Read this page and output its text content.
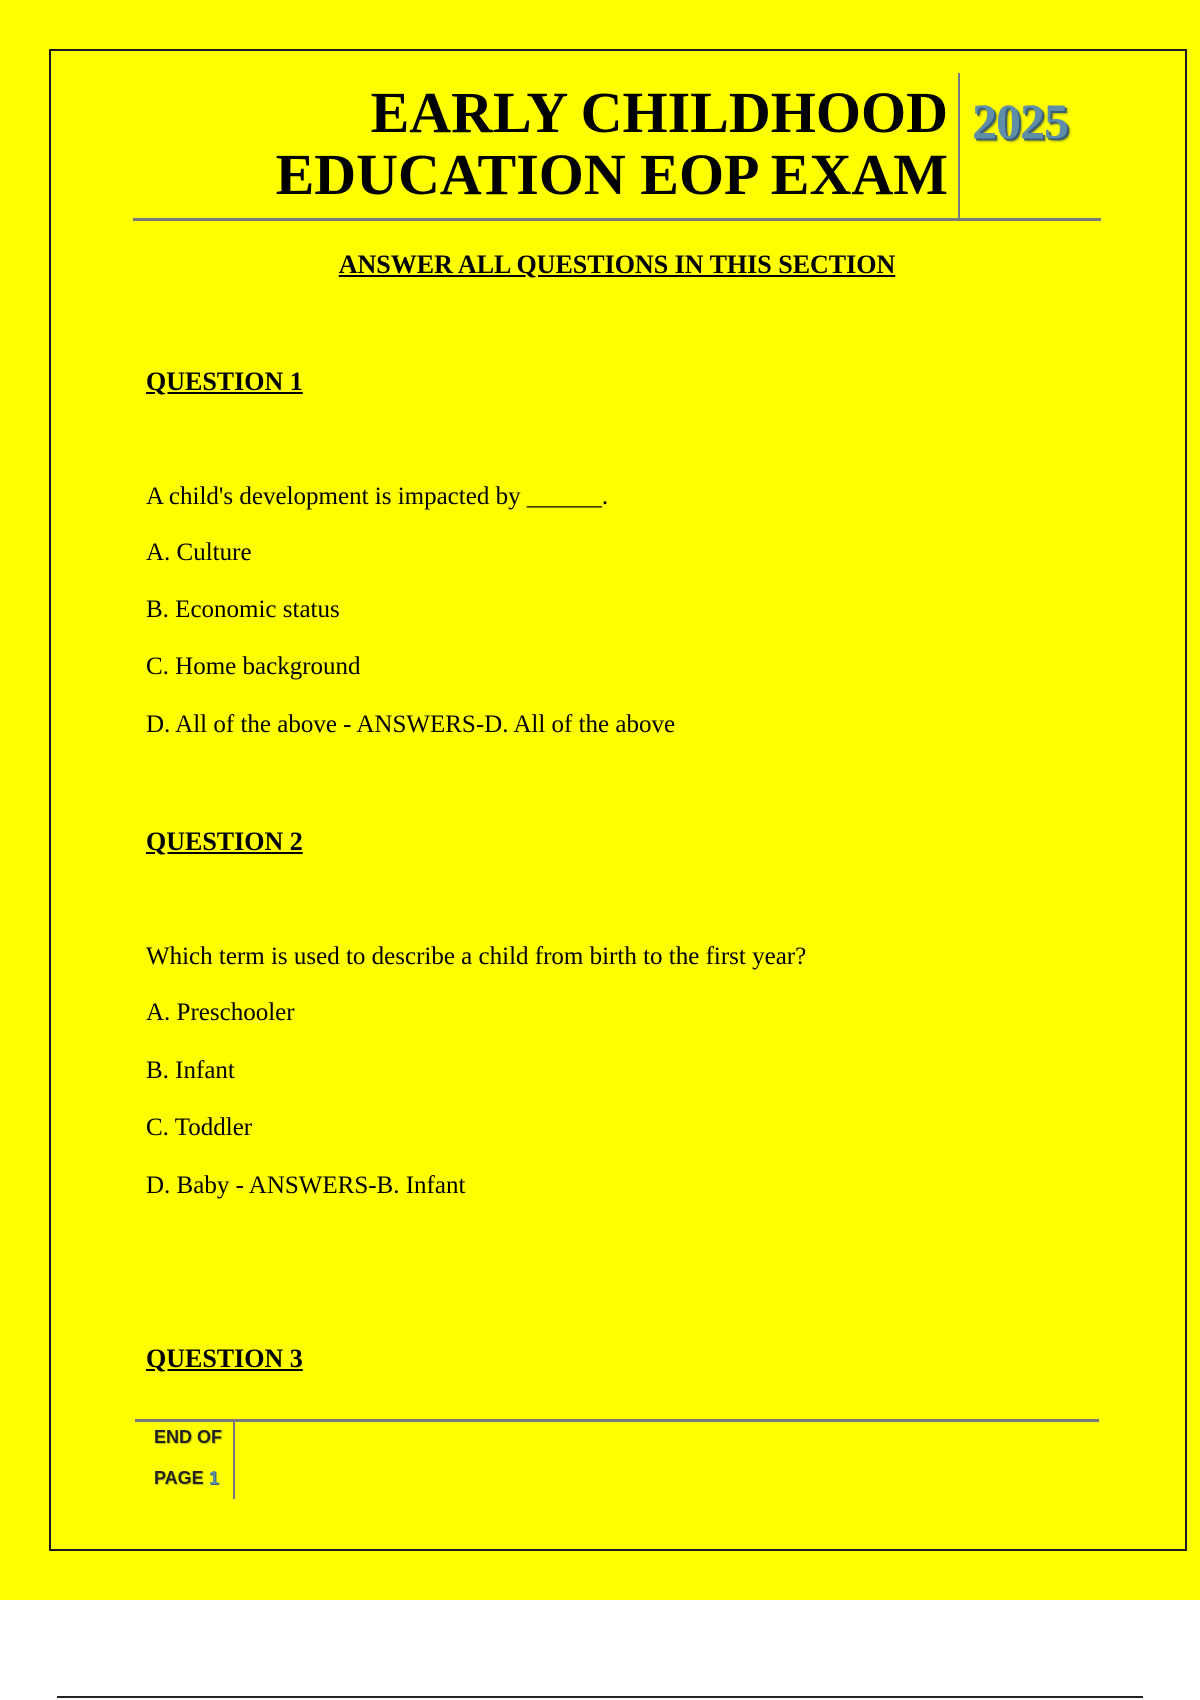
EARLY CHILDHOOD
EDUCATION EOP EXAM
2025

ANSWER ALL QUESTIONS IN THIS SECTION

QUESTION 1

A child's development is impacted by ______.

A. Culture

B. Economic status

C. Home background

D. All of the above - ANSWERS-D. All of the above

QUESTION 2

Which term is used to describe a child from birth to the first year?

A. Preschooler

B. Infant

C. Toddler

D. Baby - ANSWERS-B. Infant

QUESTION 3

END OF

PAGE 1
